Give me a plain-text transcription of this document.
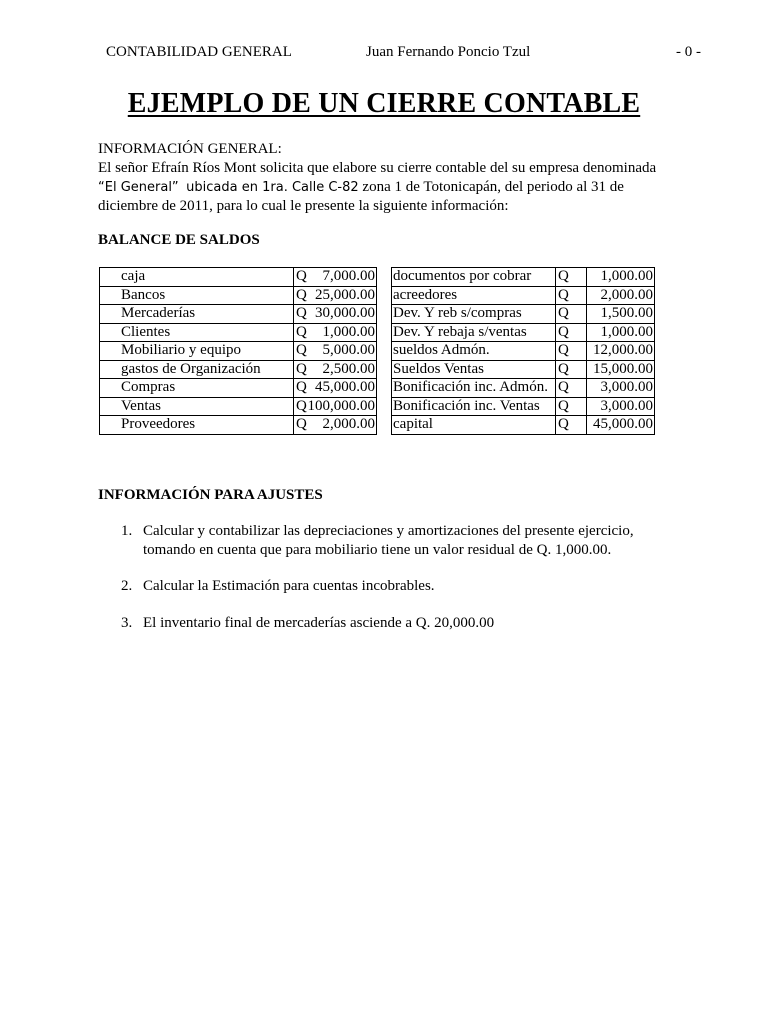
CONTABILIDAD GENERAL	Juan Fernando Poncio Tzul	- 0 -
EJEMPLO DE UN CIERRE CONTABLE
INFORMACIÓN GENERAL:
El señor Efraín Ríos Mont solicita que elabore su cierre contable del su empresa denominada
“El General” ubicada en 1ra. Calle C-82 zona 1 de Totonicapán, del periodo al 31 de
diciembre de 2011, para lo cual le presente la siguiente información:
BALANCE DE SALDOS
	caja	Q 7,000.00		documentos por cobrar	Q	1,000.00
	Bancos	Q 25,000.00		acreedores	Q	2,000.00
	Mercaderías	Q 30,000.00		Dev. Y reb s/compras	Q	1,500.00
	Clientes	Q 1,000.00		Dev. Y rebaja s/ventas	Q	1,000.00
	Mobiliario y equipo	Q 5,000.00		sueldos Admón.	Q	12,000.00
	gastos de Organización	Q 2,500.00		Sueldos Ventas	Q	15,000.00
	Compras	Q 45,000.00		Bonificación inc. Admón.	Q	3,000.00
	Ventas	Q 100,000.00		Bonificación inc. Ventas	Q	3,000.00
	Proveedores	Q 2,000.00		capital	Q	45,000.00
INFORMACIÓN PARA AJUSTES
1. Calcular y contabilizar las depreciaciones y amortizaciones del presente ejercicio, tomando en cuenta que para mobiliario tiene un valor residual de Q. 1,000.00.
2. Calcular la Estimación para cuentas incobrables.
3. El inventario final de mercaderías asciende a Q. 20,000.00
